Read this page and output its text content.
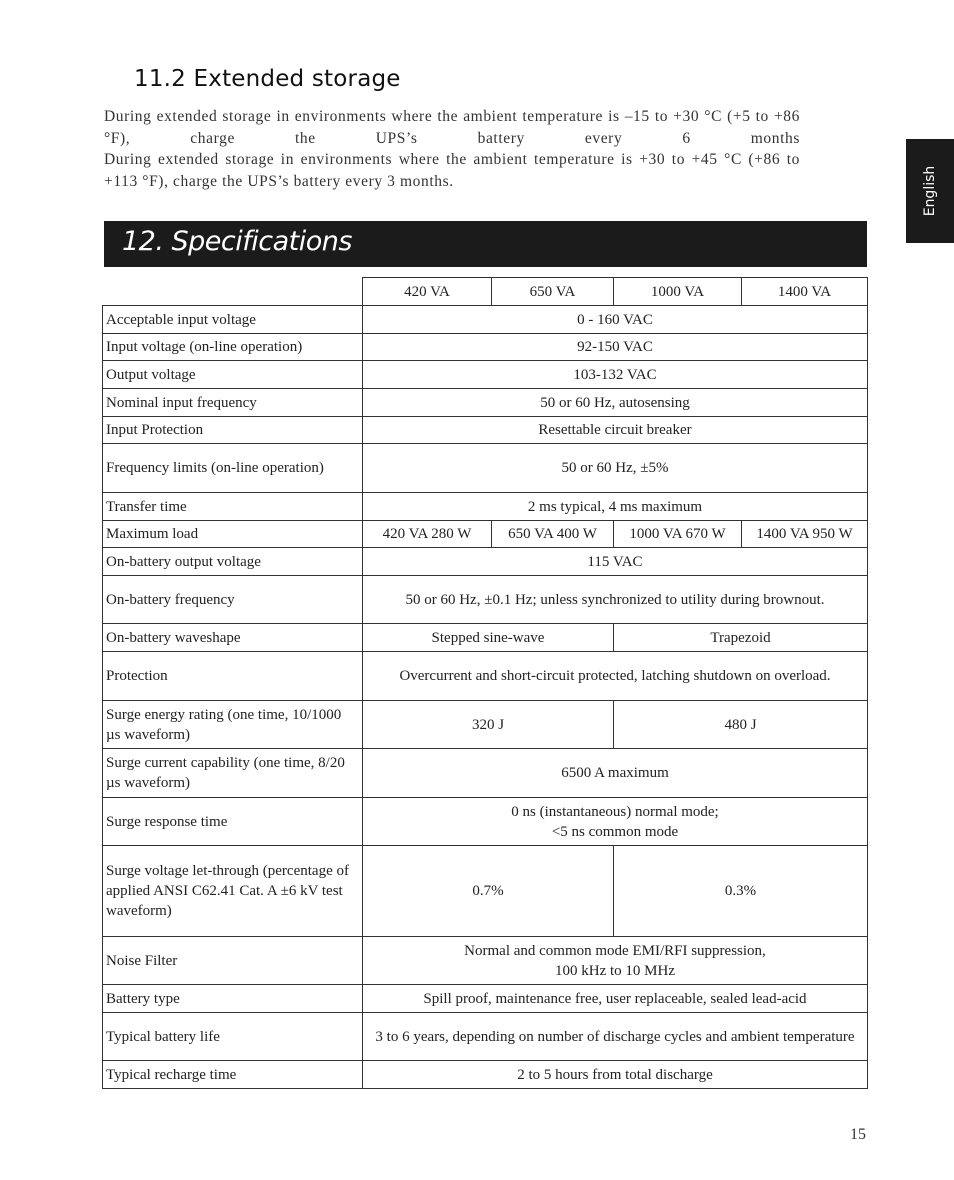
11.2 Extended storage

During extended storage in environments where the ambient temperature is –15 to +30 °C (+5 to +86 °F), charge the UPS’s battery every 6 months

During extended storage in environments where the ambient temperature is +30 to +45 °C (+86 to +113 °F), charge the UPS’s battery every 3 months.	English
12. Specifications
	420 VA	650 VA	1000 VA	1400 VA
Acceptable input voltage	0 - 160 VAC			
Input voltage (on-line operation)	92-150 VAC			
Output voltage	103-132 VAC			
Nominal input frequency	50 or 60 Hz, autosensing			
Input Protection	Resettable circuit breaker			
Frequency limits (on-line operation)	50 or 60 Hz, ±5%			
Transfer time	2 ms typical, 4 ms maximum			
Maximum load	420 VA 280 W	650 VA 400 W	1000 VA 670 W	1400 VA 950 W
On-battery output voltage	115 VAC			
On-battery frequency	50 or 60 Hz, ±0.1 Hz; unless synchronized to utility during brownout.			
On-battery waveshape	Stepped sine-wave		Trapezoid	
Protection	Overcurrent and short-circuit protected, latching shutdown on overload.			
Surge energy rating (one time, 10/1000 µs waveform)	320 J		480 J	
Surge current capability (one time, 8/20 µs waveform)	6500 A maximum			
Surge response time	0 ns (instantaneous) normal mode;
<5 ns common mode			

Surge voltage let-through (percentage of applied ANSI C62.41 Cat. A ±6 kV test waveform)	0.7%		0.3%	
Noise Filter	Normal and common mode EMI/RFI suppression,
100 kHz to 10 MHz			

Battery type	Spill proof, maintenance free, user replaceable, sealed lead-acid			
Typical battery life	3 to 6 years, depending on number of discharge cycles and ambient temperature			
Typical recharge time	2 to 5 hours from total discharge			
15
